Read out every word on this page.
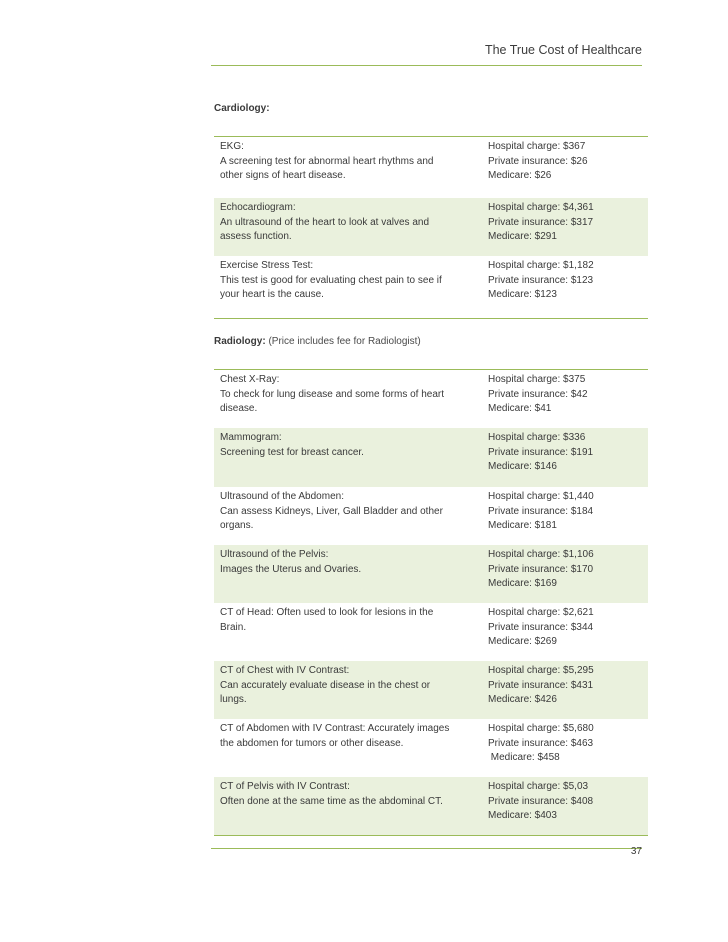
The True Cost of Healthcare
Cardiology:
EKG:
A screening test for abnormal heart rhythms and
other signs of heart disease.
Hospital charge: $367
Private insurance: $26
Medicare: $26
Echocardiogram:
An ultrasound of the heart to look at valves and
assess function.
Hospital charge: $4,361
Private insurance: $317
Medicare: $291
Exercise Stress Test:
This test is good for evaluating chest pain to see if
your heart is the cause.
Hospital charge: $1,182
Private insurance: $123
Medicare: $123
Radiology: (Price includes fee for Radiologist)
Chest X-Ray:
To check for lung disease and some forms of heart
disease.
Hospital charge: $375
Private insurance: $42
Medicare: $41
Mammogram:
Screening test for breast cancer.
Hospital charge: $336
Private insurance: $191
Medicare: $146
Ultrasound of the Abdomen:
Can assess Kidneys, Liver, Gall Bladder and other
organs.
Hospital charge: $1,440
Private insurance: $184
Medicare: $181
Ultrasound of the Pelvis:
Images the Uterus and Ovaries.
Hospital charge: $1,106
Private insurance: $170
Medicare: $169
CT of Head: Often used to look for lesions in the
Brain.
Hospital charge: $2,621
Private insurance: $344
Medicare: $269
CT of Chest with IV Contrast:
Can accurately evaluate disease in the chest or
lungs.
Hospital charge: $5,295
Private insurance: $431
Medicare: $426
CT of Abdomen with IV Contrast: Accurately images
the abdomen for tumors or other disease.
Hospital charge: $5,680
Private insurance: $463
Medicare: $458
CT of Pelvis with IV Contrast:
Often done at the same time as the abdominal CT.
Hospital charge: $5,03
Private insurance: $408
Medicare: $403
37
